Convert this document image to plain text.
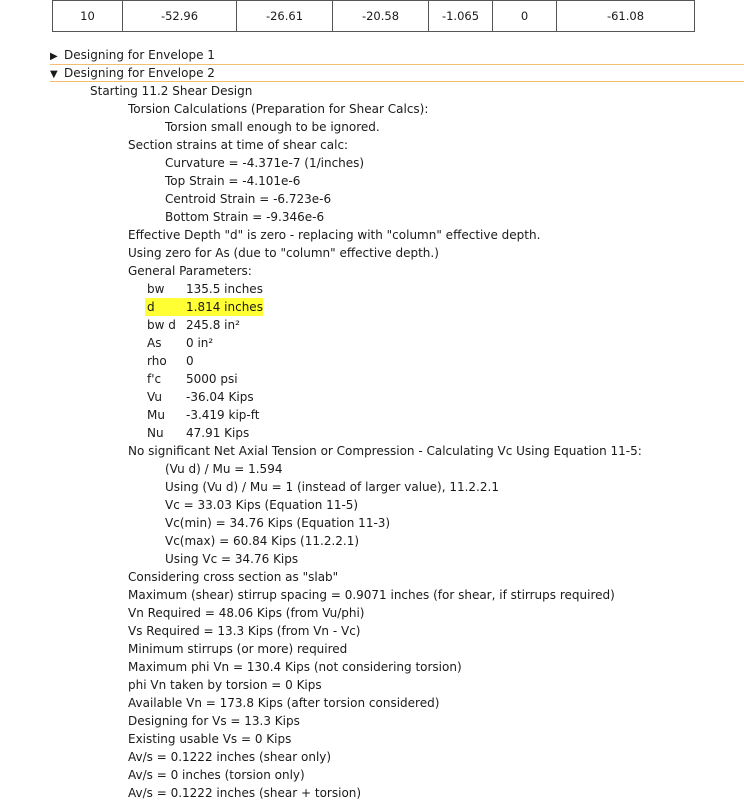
10	-52.96	-26.61	-20.58	-1.065	0	-61.08
▶ Designing for Envelope 1
▼ Designing for Envelope 2
Starting 11.2 Shear Design
Torsion Calculations (Preparation for Shear Calcs):
Torsion small enough to be ignored.
Section strains at time of shear calc:
Curvature = -4.371e-7 (1/inches)
Top Strain = -4.101e-6
Centroid Strain = -6.723e-6
Bottom Strain = -9.346e-6
Effective Depth "d" is zero - replacing with "column" effective depth.
Using zero for As (due to "column" effective depth.)
General Parameters:
bw 135.5 inches
d	1.814 inches
bw d 245.8 in²
As 0 in²
rho 0
f'c 5000 psi
Vu -36.04 Kips
Mu -3.419 kip-ft
Nu 47.91 Kips
No significant Net Axial Tension or Compression - Calculating Vc Using Equation 11-5:
(Vu d) / Mu = 1.594
Using (Vu d) / Mu = 1 (instead of larger value), 11.2.2.1
Vc = 33.03 Kips (Equation 11-5)
Vc(min) = 34.76 Kips (Equation 11-3)
Vc(max) = 60.84 Kips (11.2.2.1)
Using Vc = 34.76 Kips
Considering cross section as "slab"
Maximum (shear) stirrup spacing = 0.9071 inches (for shear, if stirrups required)
Vn Required = 48.06 Kips (from Vu/phi)
Vs Required = 13.3 Kips (from Vn - Vc)
Minimum stirrups (or more) required
Maximum phi Vn = 130.4 Kips (not considering torsion)
phi Vn taken by torsion = 0 Kips
Available Vn = 173.8 Kips (after torsion considered)
Designing for Vs = 13.3 Kips
Existing usable Vs = 0 Kips
Av/s = 0.1222 inches (shear only)
Av/s = 0 inches (torsion only)
Av/s = 0.1222 inches (shear + torsion)
